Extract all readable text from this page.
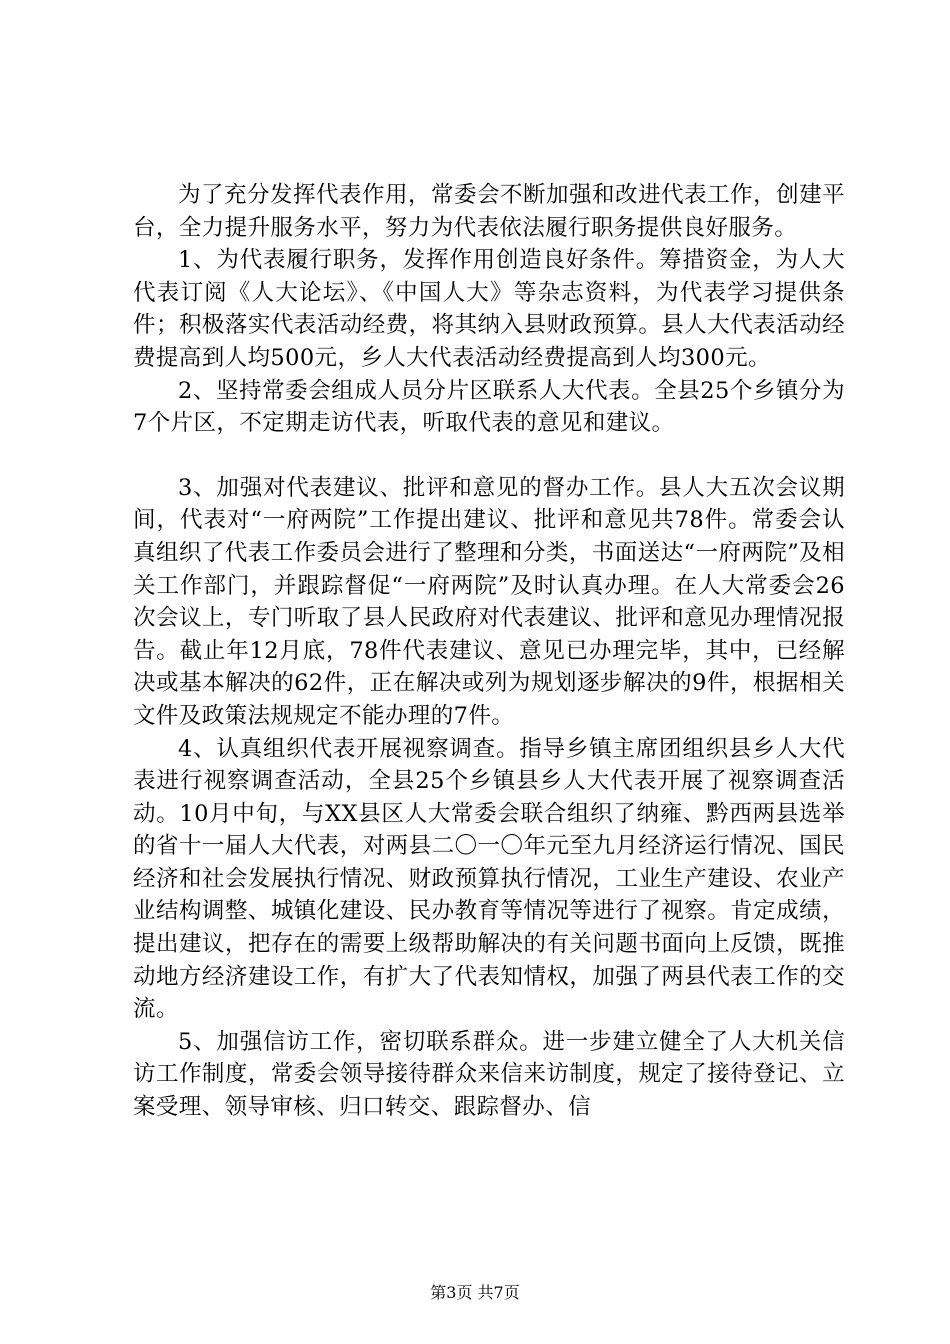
为了充分发挥代表作用，常委会不断加强和改进代表工作，创建平台，全力提升服务水平，努力为代表依法履行职务提供良好服务。

1、为代表履行职务，发挥作用创造良好条件。筹措资金，为人大代表订阅《人大论坛》、《中国人大》等杂志资料，为代表学习提供条件；积极落实代表活动经费，将其纳入县财政预算。县人大代表活动经费提高到人均500元，乡人大代表活动经费提高到人均300元。

2、坚持常委会组成人员分片区联系人大代表。全县25个乡镇分为7个片区，不定期走访代表，听取代表的意见和建议。

3、加强对代表建议、批评和意见的督办工作。县人大五次会议期间，代表对“一府两院”工作提出建议、批评和意见共78件。常委会认真组织了代表工作委员会进行了整理和分类，书面送达“一府两院”及相关工作部门，并跟踪督促“一府两院”及时认真办理。在人大常委会26次会议上，专门听取了县人民政府对代表建议、批评和意见办理情况报告。截止年12月底，78件代表建议、意见已办理完毕，其中，已经解决或基本解决的62件，正在解决或列为规划逐步解决的9件，根据相关文件及政策法规规定不能办理的7件。

4、认真组织代表开展视察调查。指导乡镇主席团组织县乡人大代表进行视察调查活动，全县25个乡镇县乡人大代表开展了视察调查活动。10月中旬，与XX县区人大常委会联合组织了纳雍、黔西两县选举的省十一届人大代表，对两县二〇一〇年元至九月经济运行情况、国民经济和社会发展执行情况、财政预算执行情况，工业生产建设、农业产业结构调整、城镇化建设、民办教育等情况等进行了视察。肯定成绩，提出建议，把存在的需要上级帮助解决的有关问题书面向上反馈，既推动地方经济建设工作，有扩大了代表知情权，加强了两县代表工作的交流。

5、加强信访工作，密切联系群众。进一步建立健全了人大机关信访工作制度，常委会领导接待群众来信来访制度，规定了接待登记、立案受理、领导审核、归口转交、跟踪督办、信

第3页 共7页
